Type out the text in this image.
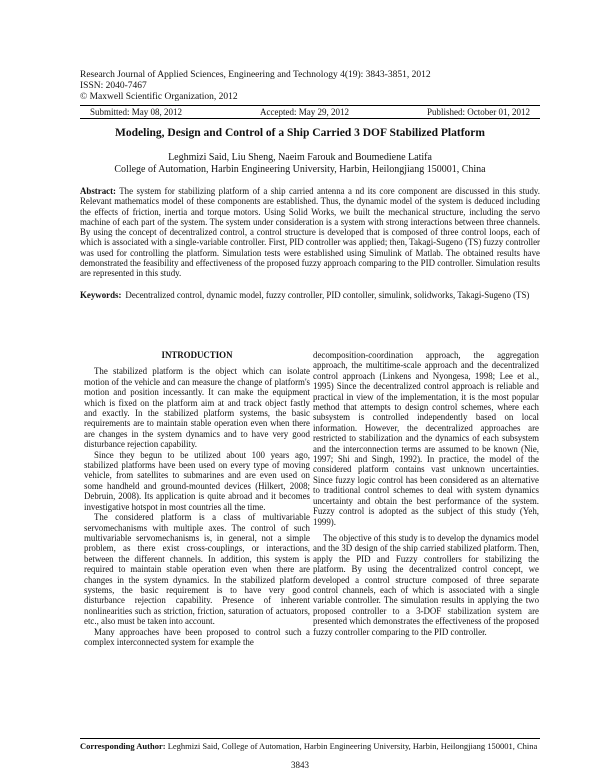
Research Journal of Applied Sciences, Engineering and Technology 4(19): 3843-3851, 2012
ISSN: 2040-7467
© Maxwell Scientific Organization, 2012
Submitted: May 08, 2012	Accepted: May 29, 2012	Published: October 01, 2012
Modeling, Design and Control of a Ship Carried 3 DOF Stabilized Platform
Leghmizi Said, Liu Sheng, Naeim Farouk and Boumediene Latifa
College of Automation, Harbin Engineering University, Harbin, Heilongjiang 150001, China
Abstract: The system for stabilizing platform of a ship carried antenna a nd its core component are discussed in this study. Relevant mathematics model of these components are established. Thus, the dynamic model of the system is deduced including the effects of friction, inertia and torque motors. Using Solid Works, we built the mechanical structure, including the servo machine of each part of the system. The system under consideration is a system with strong interactions between three channels. By using the concept of decentralized control, a control structure is developed that is composed of three control loops, each of which is associated with a single-variable controller. First, PID controller was applied; then, Takagi-Sugeno (TS) fuzzy controller was used for controlling the platform. Simulation tests were established using Simulink of Matlab. The obtained results have demonstrated the feasibility and effectiveness of the proposed fuzzy approach comparing to the PID controller. Simulation results are represented in this study.
Keywords: Decentralized control, dynamic model, fuzzy controller, PID contoller, simulink, solidworks, Takagi-Sugeno (TS)

INTRODUCTION

The stabilized platform is the object which can isolate motion of the vehicle and can measure the change of platform's motion and position incessantly. It can make the equipment which is fixed on the platform aim at and track object fastly and exactly. In the stabilized platform systems, the basic requirements are to maintain stable operation even when there are changes in the system dynamics and to have very good disturbance rejection capability.

Since they begun to be utilized about 100 years ago, stabilized platforms have been used on every type of moving vehicle, from satellites to submarines and are even used on some handheld and ground-mounted devices (Hilkert, 2008; Debruin, 2008). Its application is quite abroad and it becomes investigative hotspot in most countries all the time.

The considered platform is a class of multivariable servomechanisms with multiple axes. The control of such multivariable servomechanisms is, in general, not a simple problem, as there exist cross-couplings, or interactions, between the different channels. In addition, this system is required to maintain stable operation even when there are changes in the system dynamics. In the stabilized platform systems, the basic requirement is to have very good disturbance rejection capability. Presence of inherent nonlinearities such as striction, friction, saturation of actuators, etc., also must be taken into account.

Many approaches have been proposed to control such a complex interconnected system for example the

decomposition-coordination approach, the aggregation approach, the multitime-scale approach and the decentralized control approach (Linkens and Nyongesa, 1998; Lee et al., 1995) Since the decentralized control approach is reliable and practical in view of the implementation, it is the most popular method that attempts to design control schemes, where each subsystem is controlled independently based on local information. However, the decentralized approaches are restricted to stabilization and the dynamics of each subsystem and the interconnection terms are assumed to be known (Nie, 1997; Shi and Singh, 1992). In practice, the model of the considered platform contains vast unknown uncertainties. Since fuzzy logic control has been considered as an alternative to traditional control schemes to deal with system dynamics uncertainty and obtain the best performance of the system. Fuzzy control is adopted as the subject of this study (Yeh, 1999).

The objective of this study is to develop the dynamics model and the 3D design of the ship carried stabilized platform. Then, apply the PID and Fuzzy controllers for stabilizing the platform. By using the decentralized control concept, we developed a control structure composed of three separate control channels, each of which is associated with a single variable controller. The simulation results in applying the two proposed controller to a 3-DOF stabilization system are presented which demonstrates the effectiveness of the proposed fuzzy controller comparing to the PID controller.

Corresponding Author: Leghmizi Said, College of Automation, Harbin Engineering University, Harbin, Heilongjiang 150001, China
3843
